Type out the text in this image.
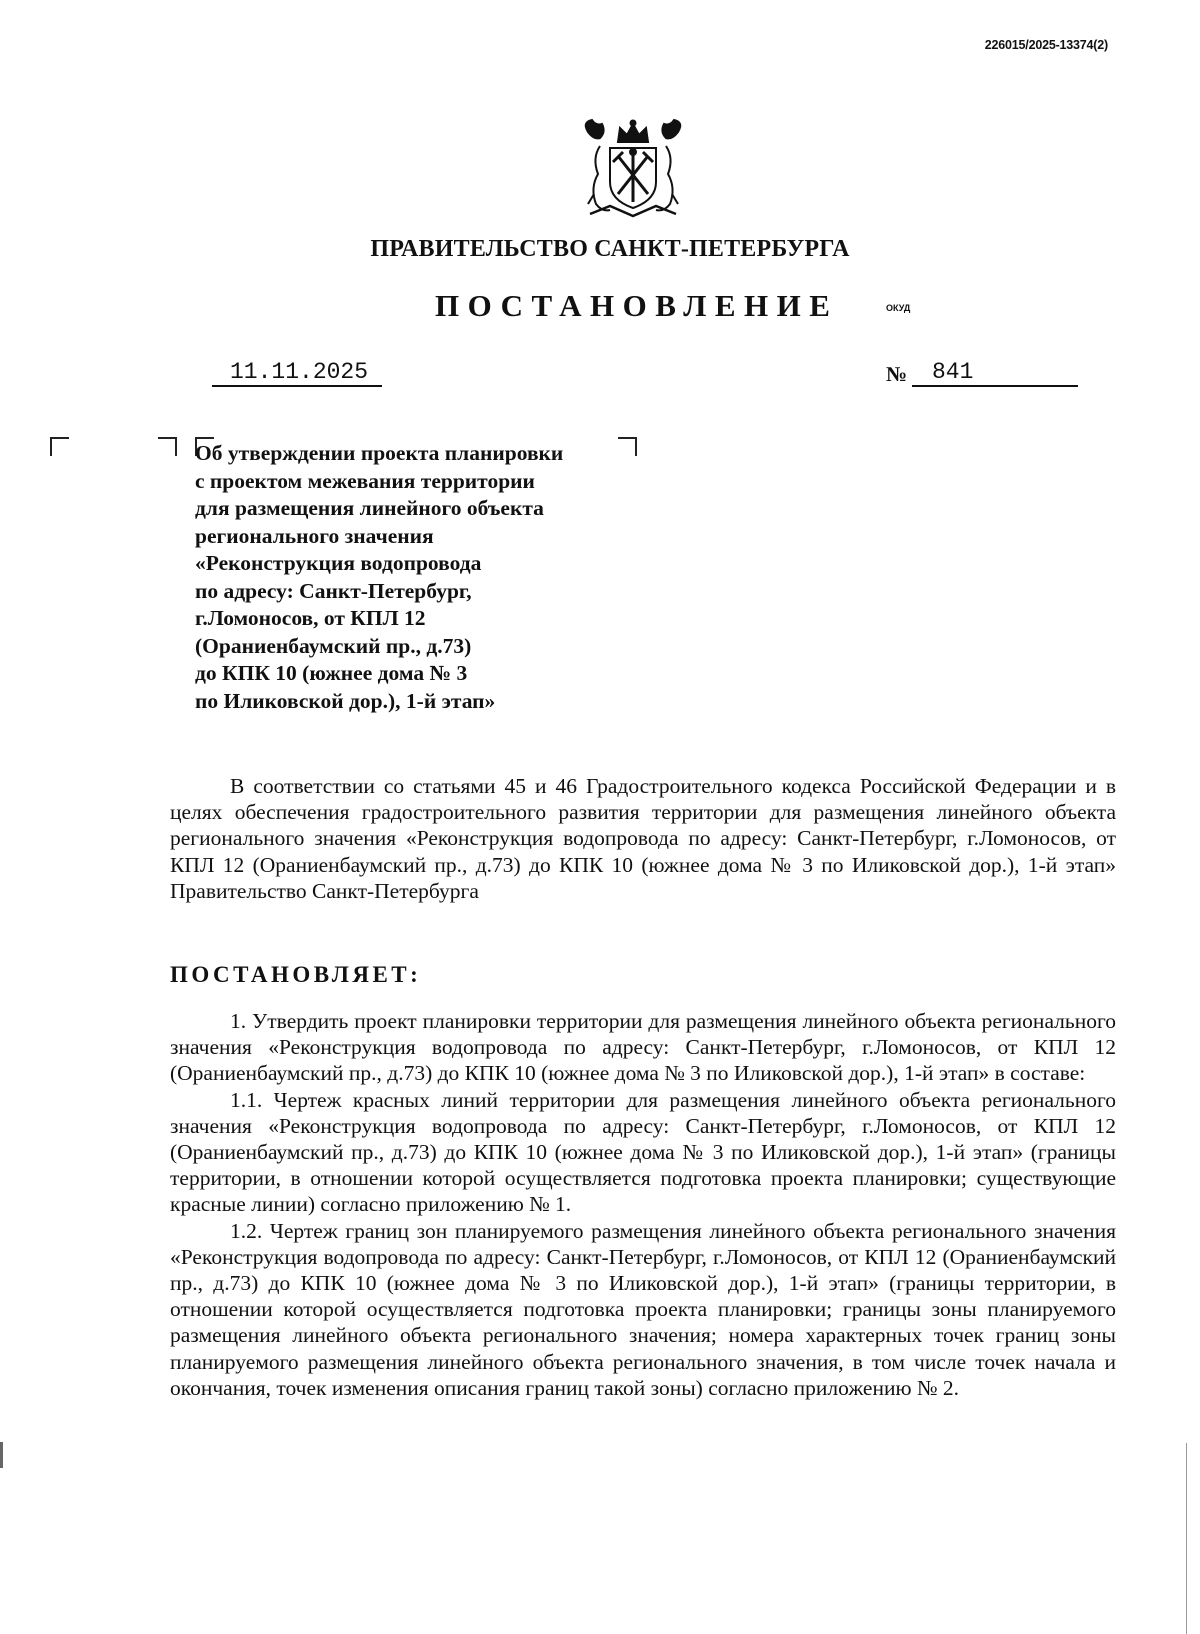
226015/2025-13374(2)
ПРАВИТЕЛЬСТВО САНКТ-ПЕТЕРБУРГА
ПОСТАНОВЛЕНИЕ	ОКУД
11.11.2025	№	841
Об утверждении проекта планировки
с проектом межевания территории
для размещения линейного объекта
регионального значения
«Реконструкция водопровода
по адресу: Санкт-Петербург,
г.Ломоносов, от КПЛ 12
(Ораниенбаумский пр., д.73)
до КПК 10 (южнее дома № 3
по Иликовской дор.), 1-й этап»
В соответствии со статьями 45 и 46 Градостроительного кодекса Российской Федерации и в целях обеспечения градостроительного развития территории для размещения линейного объекта регионального значения «Реконструкция водопровода по адресу: Санкт-Петербург, г.Ломоносов, от КПЛ 12 (Ораниенбаумский пр., д.73) до КПК 10 (южнее дома № 3 по Иликовской дор.), 1-й этап» Правительство Санкт-Петербурга
ПОСТАНОВЛЯЕТ:
1. Утвердить проект планировки территории для размещения линейного объекта регионального значения «Реконструкция водопровода по адресу: Санкт-Петербург, г.Ломоносов, от КПЛ 12 (Ораниенбаумский пр., д.73) до КПК 10 (южнее дома № 3 по Иликовской дор.), 1-й этап» в составе:
1.1. Чертеж красных линий территории для размещения линейного объекта регионального значения «Реконструкция водопровода по адресу: Санкт-Петербург, г.Ломоносов, от КПЛ 12 (Ораниенбаумский пр., д.73) до КПК 10 (южнее дома № 3 по Иликовской дор.), 1-й этап» (границы территории, в отношении которой осуществляется подготовка проекта планировки; существующие красные линии) согласно приложению № 1.
1.2. Чертеж границ зон планируемого размещения линейного объекта регионального значения «Реконструкция водопровода по адресу: Санкт-Петербург, г.Ломоносов, от КПЛ 12 (Ораниенбаумский пр., д.73) до КПК 10 (южнее дома № 3 по Иликовской дор.), 1-й этап» (границы территории, в отношении которой осуществляется подготовка проекта планировки; границы зоны планируемого размещения линейного объекта регионального значения; номера характерных точек границ зоны планируемого размещения линейного объекта регионального значения, в том числе точек начала и окончания, точек изменения описания границ такой зоны) согласно приложению № 2.
